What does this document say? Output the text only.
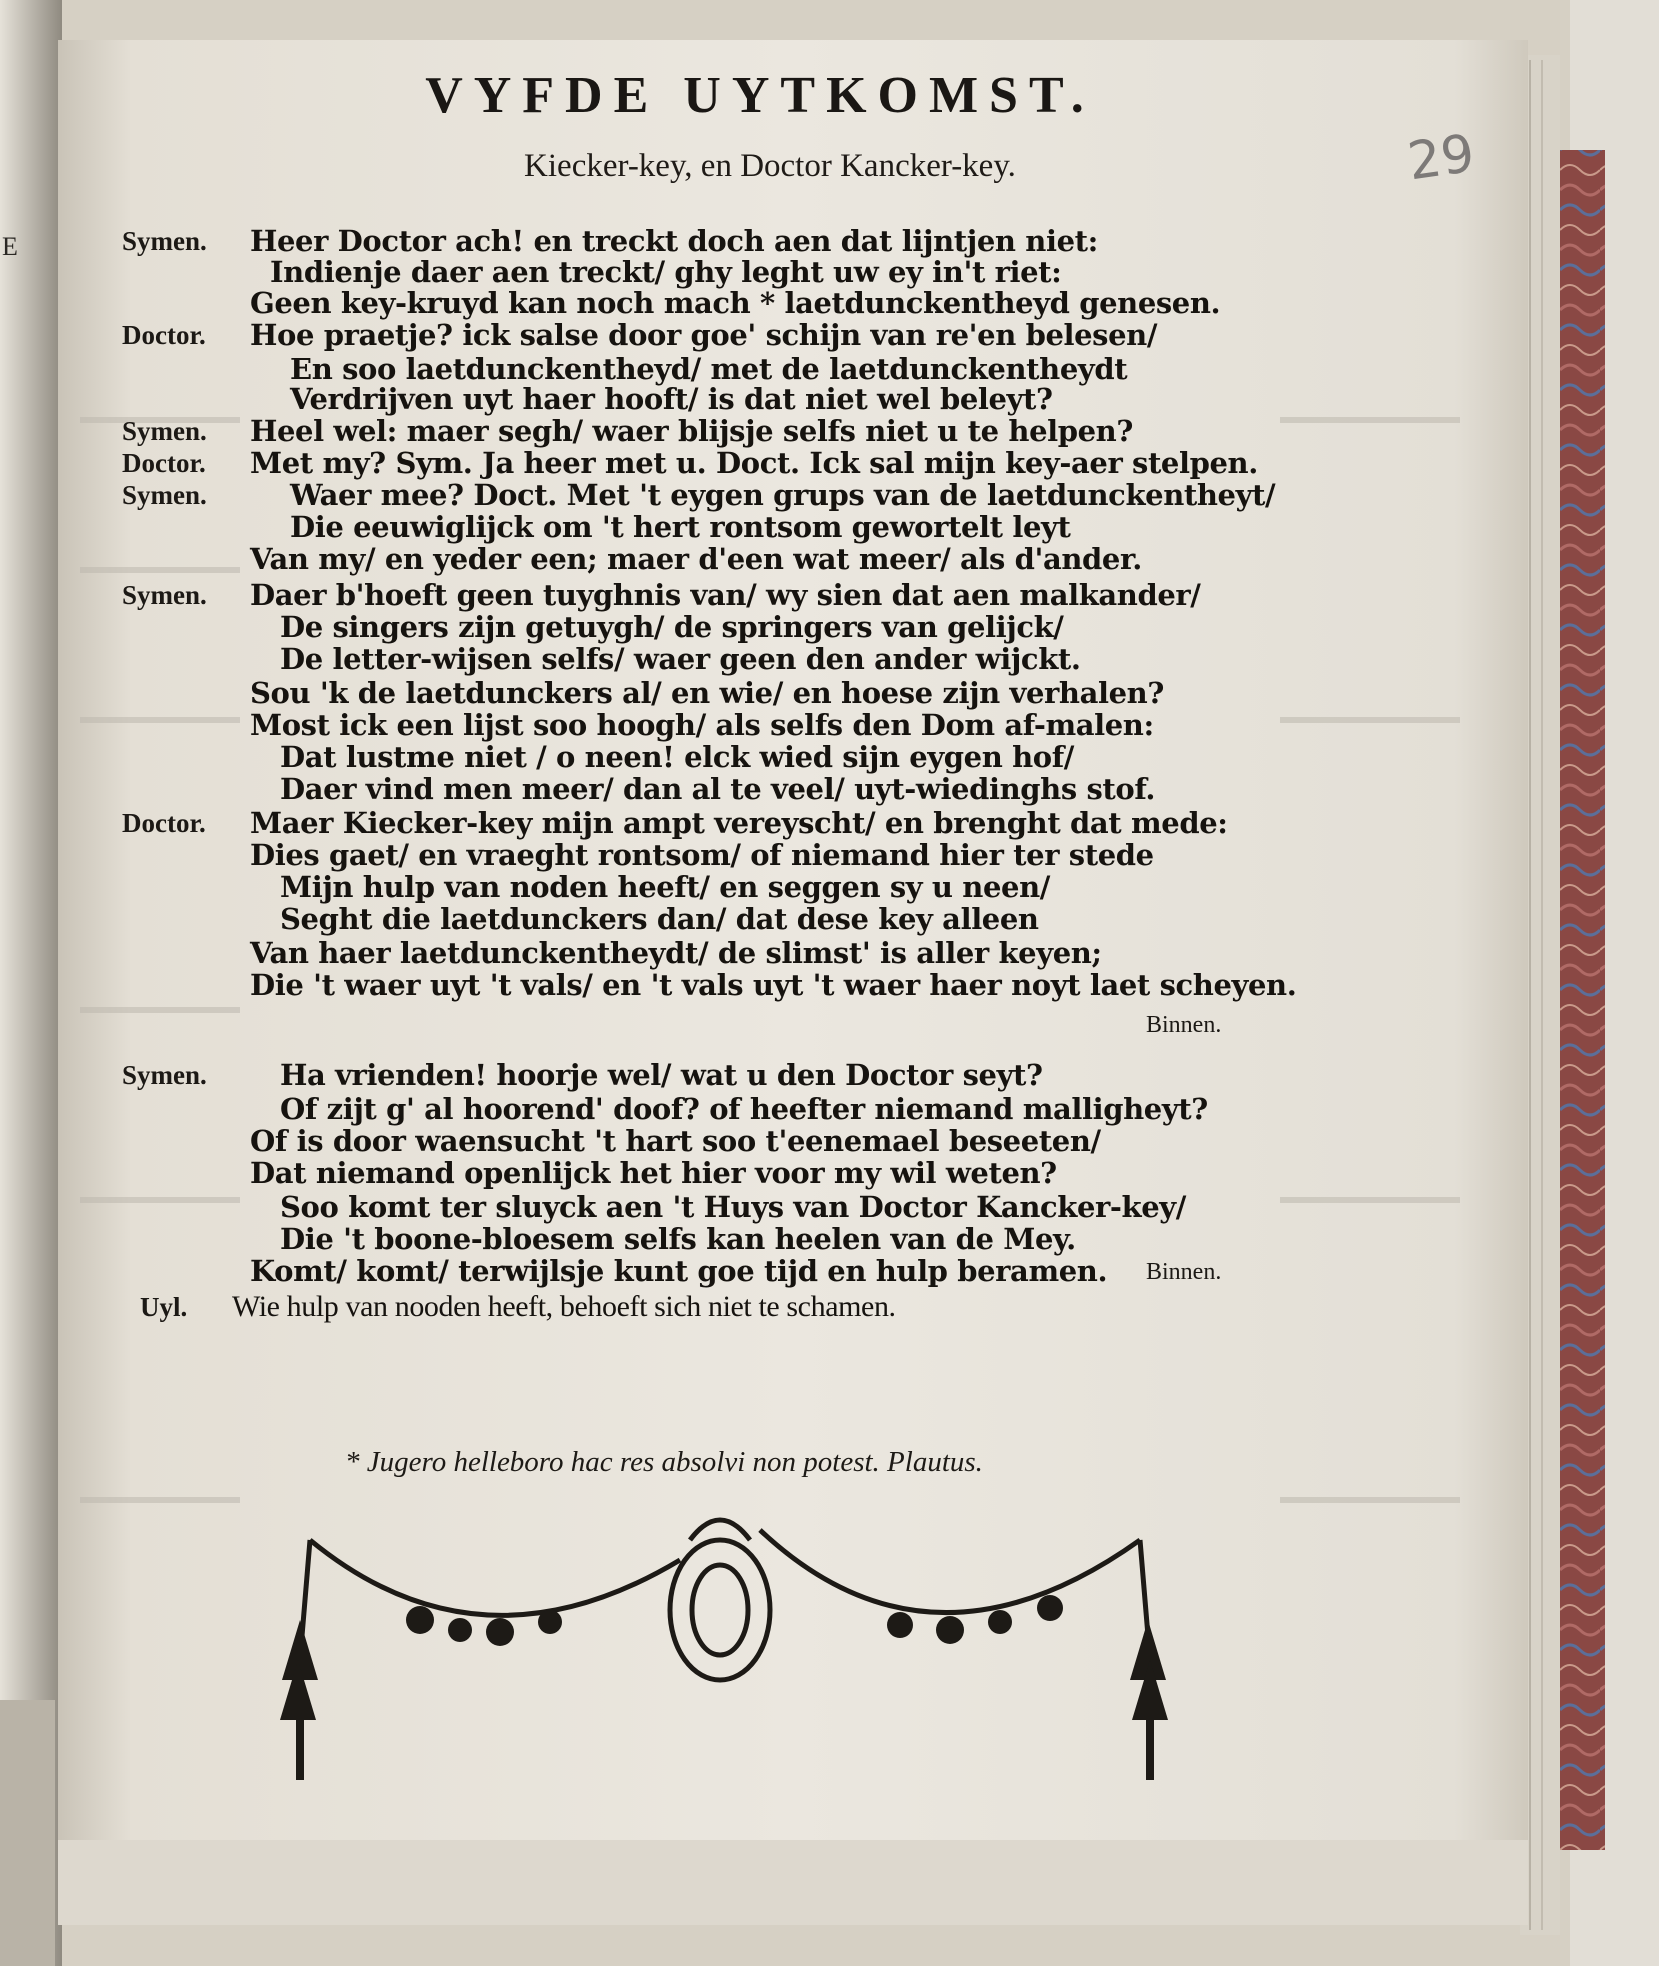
E
VYFDE UYTKOMST.
Kiecker-key, en Doctor Kancker-key.	29
Symen. Heer Doctor ach! en treckt doch aen dat lijntjen niet:
Indienje daer aen treckt/ ghy leght uw ey in't riet:
Geen key-kruyd kan noch mach * laetdunckentheyd genesen.
Doctor. Hoe praetje? ick salse door goe' schijn van re'en belesen/
En soo laetdunckentheyd/ met de laetdunckentheydt
Verdrijven uyt haer hooft/ is dat niet wel beleyt?
Symen. Heel wel: maer segh/ waer blijsje selfs niet u te helpen?
Doctor. Met my? Sym. Ja heer met u. Doct. Ick sal mijn key-aer stelpen.
Symen.	Waer mee? Doct. Met 't eygen grups van de laetdunckentheyt/
Die eeuwiglijck om 't hert rontsom gewortelt leyt
Van my/ en yeder een; maer d'een wat meer/ als d'ander.
Symen. Daer b'hoeft geen tuyghnis van/ wy sien dat aen malkander/
De singers zijn getuygh/ de springers van gelijck/
De letter-wijsen selfs/ waer geen den ander wijckt.
Sou 'k de laetdunckers al/ en wie/ en hoese zijn verhalen?
Most ick een lijst soo hoogh/ als selfs den Dom af-malen:
Dat lustme niet / o neen! elck wied sijn eygen hof/
Daer vind men meer/ dan al te veel/ uyt-wiedinghs stof.
Doctor. Maer Kiecker-key mijn ampt vereyscht/ en brenght dat mede:
Dies gaet/ en vraeght rontsom/ of niemand hier ter stede
Mijn hulp van noden heeft/ en seggen sy u neen/
Seght die laetdunckers dan/ dat dese key alleen
Van haer laetdunckentheydt/ de slimst' is aller keyen;
Die 't waer uyt 't vals/ en 't vals uyt 't waer haer noyt laet scheyen.
Symen.	Ha vrienden! hoorje wel/ wat u den Doctor seyt?
Of zijt g' al hoorend' doof? of heefter niemand malligheyt?
Of is door waensucht 't hart soo t'eenemael beseeten/
Dat niemand openlijck het hier voor my wil weten?
Soo komt ter sluyck aen 't Huys van Doctor Kancker-key/
Die 't boone-bloesem selfs kan heelen van de Mey.
Komt/ komt/ terwijlsje kunt goe tijd en hulp beramen.
Uyl. Wie hulp van nooden heeft, behoeft sich niet te schamen.
Binnen.
Binnen.
* Jugero helleboro hac res absolvi non potest. Plautus.
